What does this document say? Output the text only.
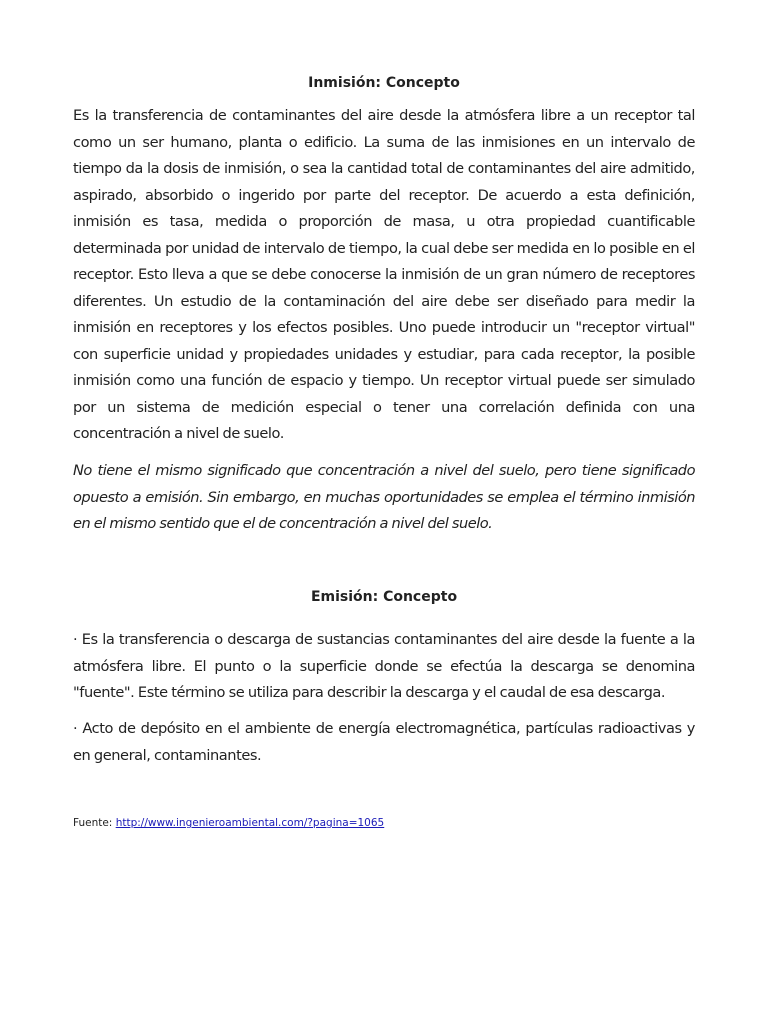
Inmisión: Concepto

Es la transferencia de contaminantes del aire desde la atmósfera libre a un receptor tal como un ser humano, planta o edificio. La suma de las inmisiones en un intervalo de tiempo da la dosis de inmisión, o sea la cantidad total de contaminantes del aire admitido, aspirado, absorbido o ingerido por parte del receptor. De acuerdo a esta definición, inmisión es tasa, medida o proporción de masa, u otra propiedad cuantificable determinada por unidad de intervalo de tiempo, la cual debe ser medida en lo posible en el receptor. Esto lleva a que se debe conocerse la inmisión de un gran número de receptores diferentes. Un estudio de la contaminación del aire debe ser diseñado para medir la inmisión en receptores y los efectos posibles. Uno puede introducir un "receptor virtual" con superficie unidad y propiedades unidades y estudiar, para cada receptor, la posible inmisión como una función de espacio y tiempo. Un receptor virtual puede ser simulado por un sistema de medición especial o tener una correlación definida con una concentración a nivel de suelo.

No tiene el mismo significado que concentración a nivel del suelo, pero tiene significado opuesto a emisión. Sin embargo, en muchas oportunidades se emplea el término inmisión en el mismo sentido que el de concentración a nivel del suelo.

Emisión: Concepto

· Es la transferencia o descarga de sustancias contaminantes del aire desde la fuente a la atmósfera libre. El punto o la superficie donde se efectúa la descarga se denomina "fuente". Este término se utiliza para describir la descarga y el caudal de esa descarga.

· Acto de depósito en el ambiente de energía electromagnética, partículas radioactivas y en general, contaminantes.

Fuente: http://www.ingenieroambiental.com/?pagina=1065
